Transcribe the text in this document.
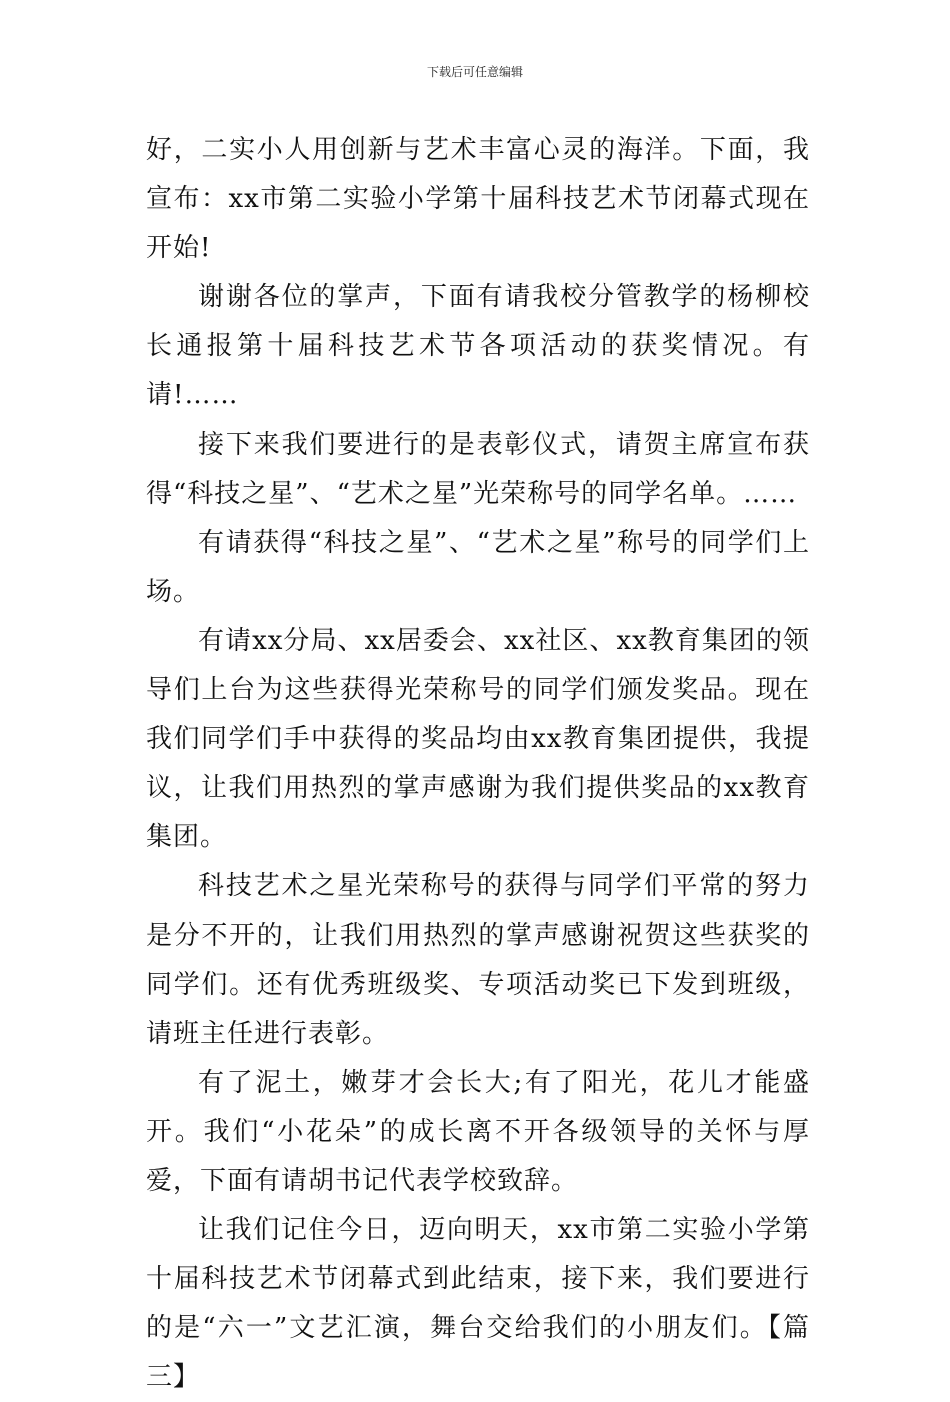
下载后可任意编辑

好，二实小人用创新与艺术丰富心灵的海洋。下面，我宣布：xx市第二实验小学第十届科技艺术节闭幕式现在开始!

谢谢各位的掌声，下面有请我校分管教学的杨柳校长通报第十届科技艺术节各项活动的获奖情况。有请!……

接下来我们要进行的是表彰仪式，请贺主席宣布获得“科技之星”、“艺术之星”光荣称号的同学名单。……

有请获得“科技之星”、“艺术之星”称号的同学们上场。

有请xx分局、xx居委会、xx社区、xx教育集团的领导们上台为这些获得光荣称号的同学们颁发奖品。现在我们同学们手中获得的奖品均由xx教育集团提供，我提议，让我们用热烈的掌声感谢为我们提供奖品的xx教育集团。

科技艺术之星光荣称号的获得与同学们平常的努力是分不开的，让我们用热烈的掌声感谢祝贺这些获奖的同学们。还有优秀班级奖、专项活动奖已下发到班级，请班主任进行表彰。

有了泥土，嫩芽才会长大;有了阳光，花儿才能盛开。我们“小花朵”的成长离不开各级领导的关怀与厚爱，下面有请胡书记代表学校致辞。

让我们记住今日，迈向明天，xx市第二实验小学第十届科技艺术节闭幕式到此结束，接下来，我们要进行的是“六一”文艺汇演，舞台交给我们的小朋友们。【篇三】
